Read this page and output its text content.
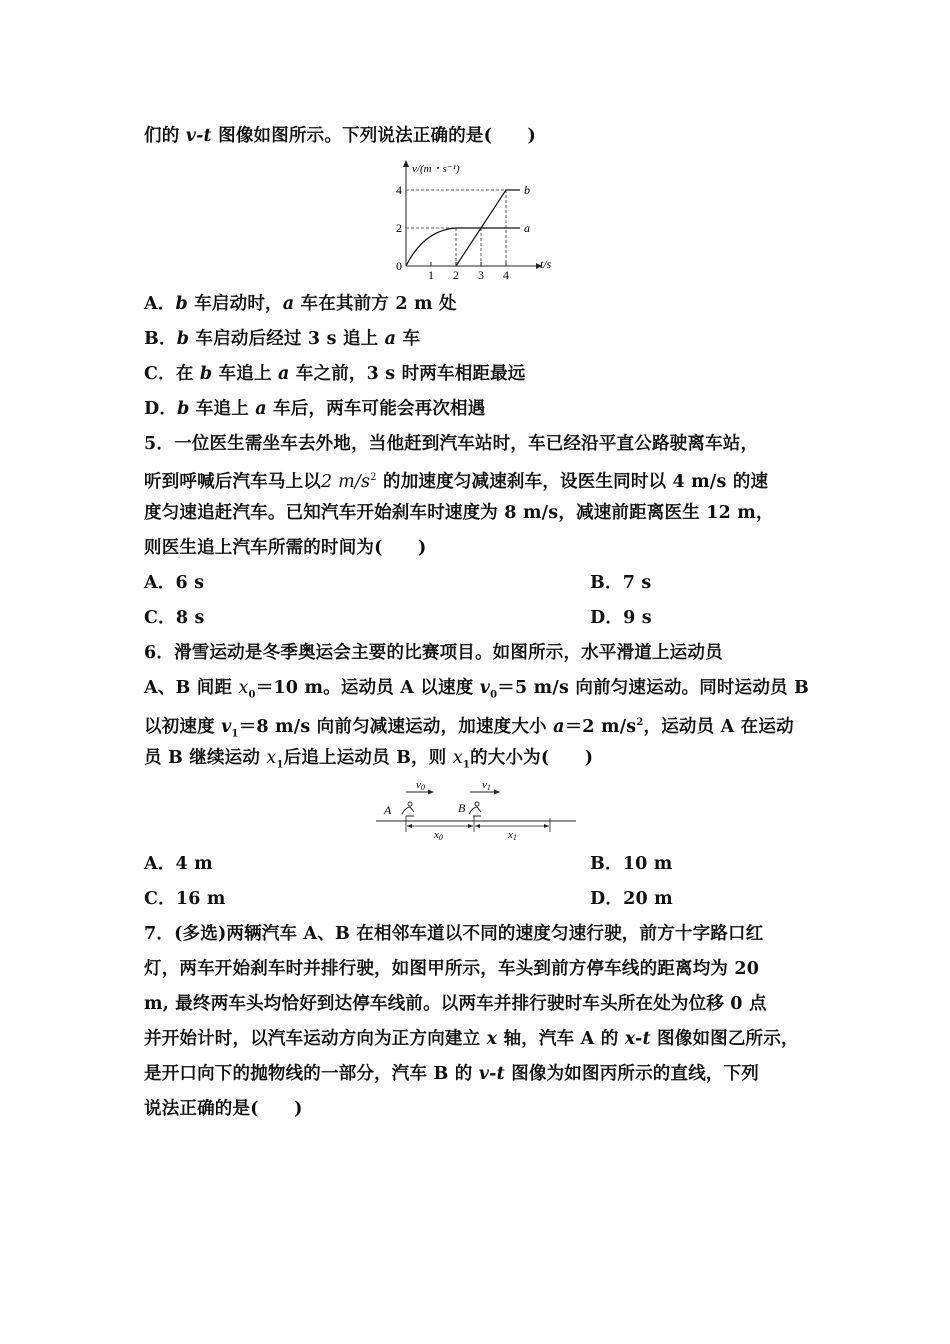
们的 v-t 图像如图所示。下列说法正确的是(　　)
v/(m・s⁻¹)
t/s
0
1 2 3 4
2
4	b
a
A．b 车启动时，a 车在其前方 2 m 处
B．b 车启动后经过 3 s 追上 a 车
C．在 b 车追上 a 车之前，3 s 时两车相距最远
D．b 车追上 a 车后，两车可能会再次相遇
5．一位医生需坐车去外地，当他赶到汽车站时，车已经沿平直公路驶离车站，
听到呼喊后汽车马上以2 $m/s^2$ 的加速度匀减速刹车，设医生同时以 4 m/s 的速
度匀速追赶汽车。已知汽车开始刹车时速度为 8 m/s，减速前距离医生 12 m，
则医生追上汽车所需的时间为(　　)
A．6 s	B．7 s
C．8 s	D．9 s
6．滑雪运动是冬季奥运会主要的比赛项目。如图所示，水平滑道上运动员
A、B 间距 $x_0=10$ m。运动员 A 以速度 $v_0=5$ m/s 向前匀速运动。同时运动员 B
以初速度 $v_1=8$ m/s 向前匀减速运动，加速度大小 a＝2 $m/s^2$，运动员 A 在运动
员 B 继续运动 $x_1$后追上运动员 B，则 $x_1$的大小为(　　)
v0	v1
A	B
x0	x1
A．4 m	B．10 m
C．16 m	D．20 m
7．(多选)两辆汽车 A、B 在相邻车道以不同的速度匀速行驶，前方十字路口红
灯，两车开始刹车时并排行驶，如图甲所示，车头到前方停车线的距离均为 20
m, 最终两车头均恰好到达停车线前。以两车并排行驶时车头所在处为位移 0 点
并开始计时，以汽车运动方向为正方向建立 x 轴，汽车 A 的 x-t 图像如图乙所示，
是开口向下的抛物线的一部分，汽车 B 的 v-t 图像为如图丙所示的直线，下列
说法正确的是(　　)
